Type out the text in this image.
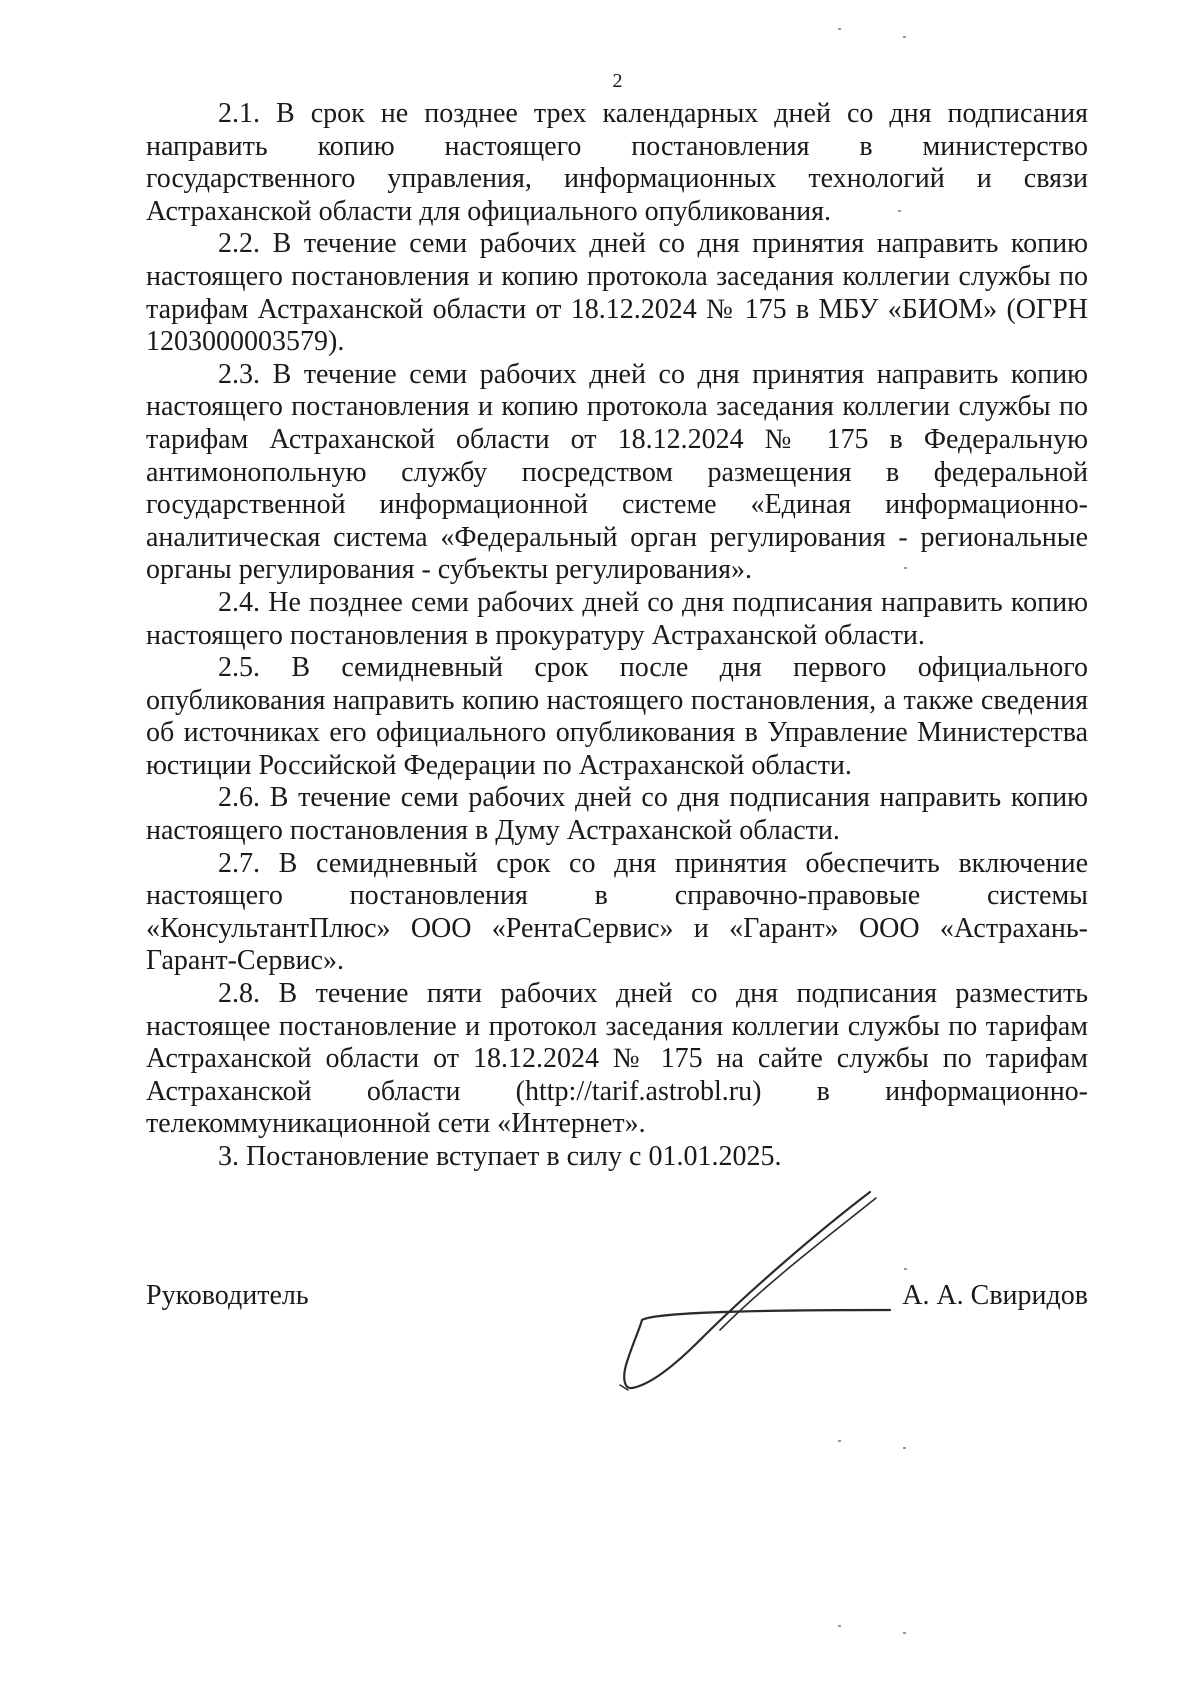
2

2.1. В срок не позднее трех календарных дней со дня подписания направить копию настоящего постановления в министерство государственного управления, информационных технологий и связи Астраханской области для официального опубликования.

2.2. В течение семи рабочих дней со дня принятия направить копию настоящего постановления и копию протокола заседания коллегии службы по тарифам Астраханской области от 18.12.2024 № 175 в МБУ «БИОМ» (ОГРН 1203000003579).

2.3. В течение семи рабочих дней со дня принятия направить копию настоящего постановления и копию протокола заседания коллегии службы по тарифам Астраханской области от 18.12.2024 № 175 в Федеральную антимонопольную службу посредством размещения в федеральной государственной информационной системе «Единая информационно-аналитическая система «Федеральный орган регулирования - региональные органы регулирования - субъекты регулирования».

2.4. Не позднее семи рабочих дней со дня подписания направить копию настоящего постановления в прокуратуру Астраханской области.

2.5. В семидневный срок после дня первого официального опубликования направить копию настоящего постановления, а также сведения об источниках его официального опубликования в Управление Министерства юстиции Российской Федерации по Астраханской области.

2.6. В течение семи рабочих дней со дня подписания направить копию настоящего постановления в Думу Астраханской области.

2.7. В семидневный срок со дня принятия обеспечить включение настоящего постановления в справочно-правовые системы «КонсультантПлюс» ООО «РентаСервис» и «Гарант» ООО «Астрахань-Гарант-Сервис».

2.8. В течение пяти рабочих дней со дня подписания разместить настоящее постановление и протокол заседания коллегии службы по тарифам Астраханской области от 18.12.2024 № 175 на сайте службы по тарифам Астраханской области (http://tarif.astrobl.ru) в информационно-телекоммуникационной сети «Интернет».

3. Постановление вступает в силу с 01.01.2025.

Руководитель	А. А. Свиридов
